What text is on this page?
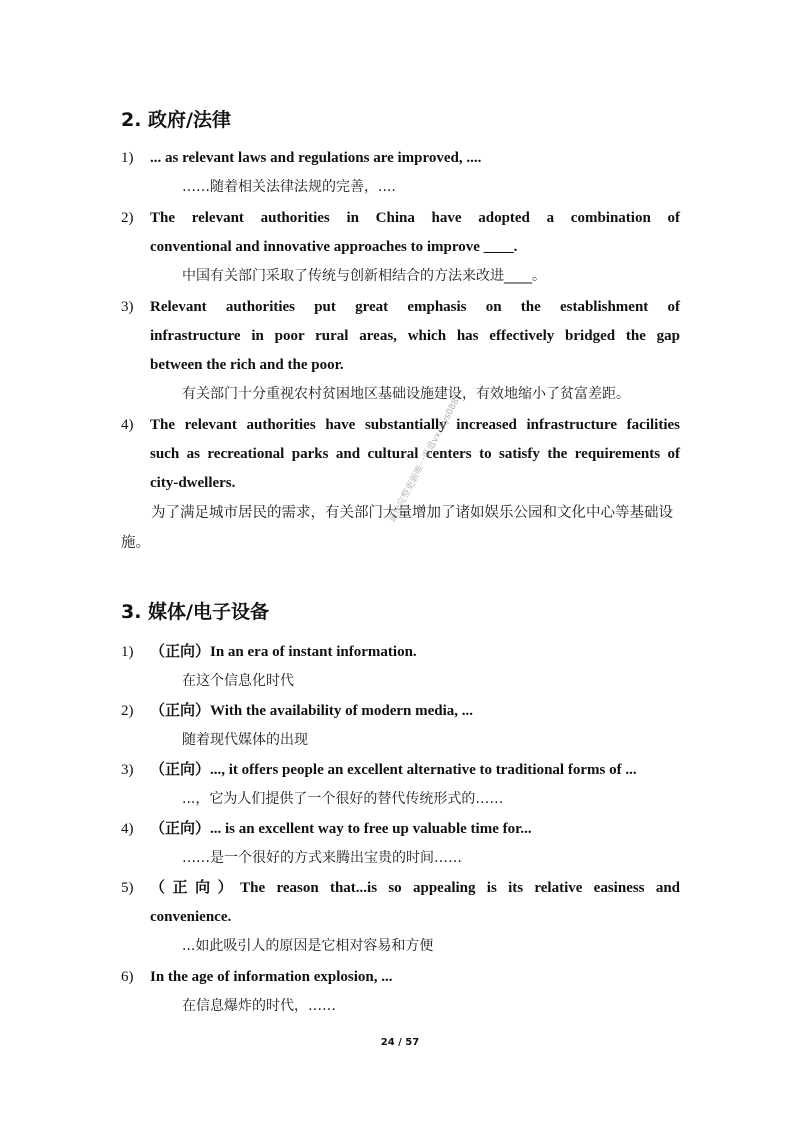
2. 政府/法律
1) ... as relevant laws and regulations are improved, ....
……随着相关法律法规的完善，....
2) The relevant authorities in China have adopted a combination of
conventional and innovative approaches to improve ____.
中国有关部门采取了传统与创新相结合的方法来改进____。
3) Relevant authorities put great emphasis on the establishment of
infrastructure in poor rural areas, which has effectively bridged the gap
between the rich and the poor.
有关部门十分重视农村贫困地区基础设施建设，有效地缩小了贫富差距。
4) The relevant authorities have substantially increased infrastructure facilities
such as recreational parks and cultural centers to satisfy the requirements of
city-dwellers.
为了满足城市居民的需求，有关部门大量增加了诸如娱乐公园和文化中心等基础设施。
最快完整更新唯一渠道vx: kys088
3. 媒体/电子设备
1) （正向）In an era of instant information.
在这个信息化时代
2) （正向）With the availability of modern media, ...
随着现代媒体的出现
3) （正向）..., it offers people an excellent alternative to traditional forms of ...
...，它为人们提供了一个很好的替代传统形式的……
4) （正向）... is an excellent way to free up valuable time for...
……是一个很好的方式来腾出宝贵的时间……
5) （正向）The reason that...is so appealing is its relative easiness and
convenience.
...如此吸引人的原因是它相对容易和方便
6) In the age of information explosion, ...
在信息爆炸的时代，……
24 / 57
